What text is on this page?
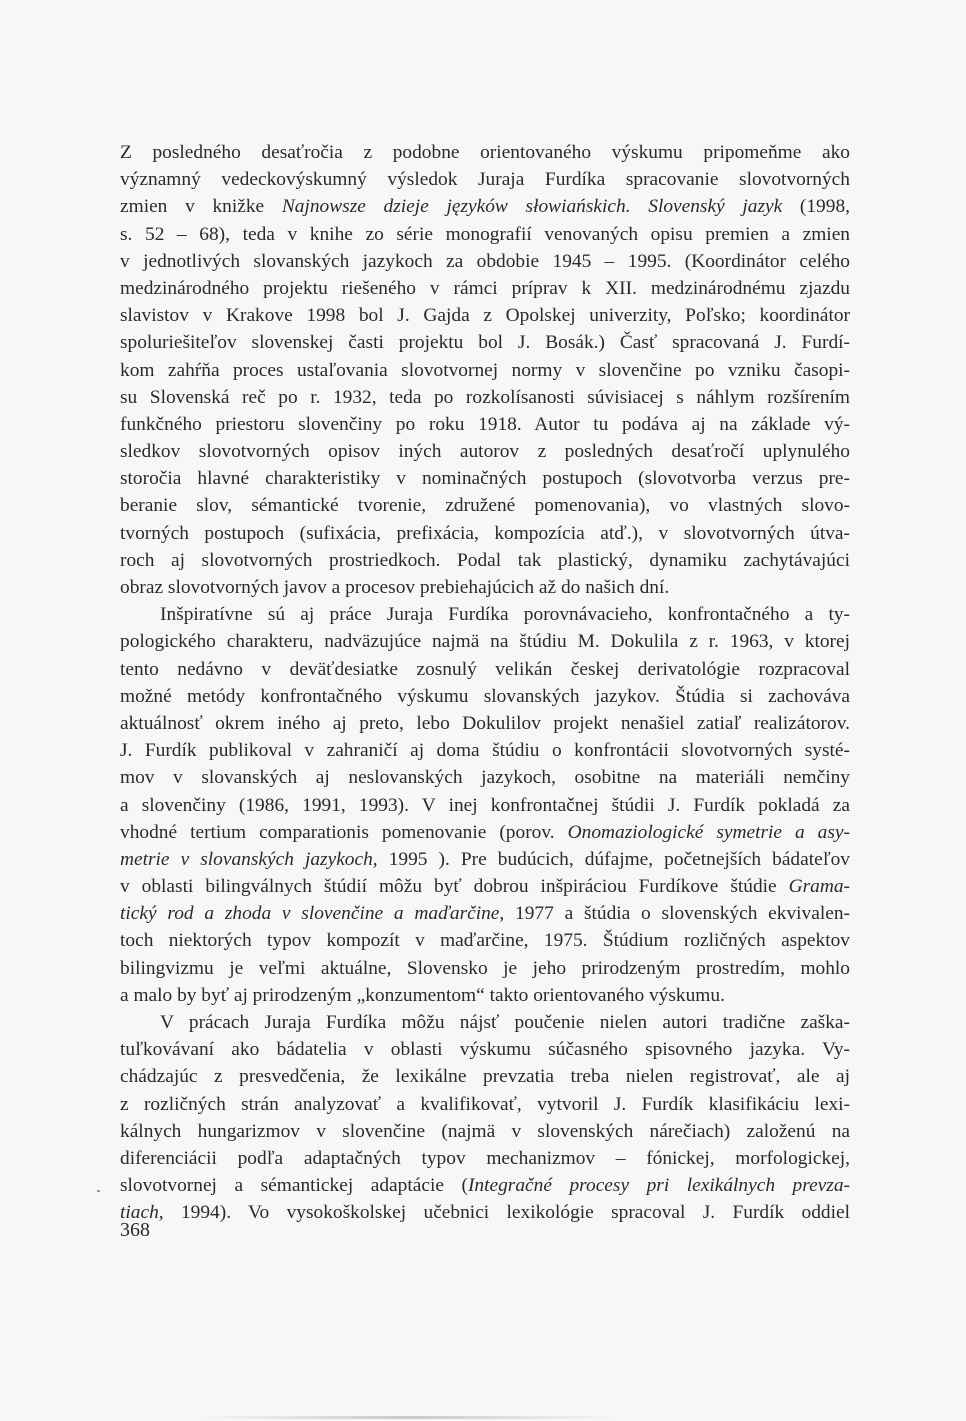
Z posledného desaťročia z podobne orientovaného výskumu pripomeňme ako
významný vedeckovýskumný výsledok Juraja Furdíka spracovanie slovotvorných
zmien v knižke Najnowsze dzieje języków słowiańskich. Slovenský jazyk (1998,
s. 52 – 68), teda v knihe zo série monografií venovaných opisu premien a zmien
v jednotlivých slovanských jazykoch za obdobie 1945 – 1995. (Koordinátor celého
medzinárodného projektu riešeného v rámci príprav k XII. medzinárodnému zjazdu
slavistov v Krakove 1998 bol J. Gajda z Opolskej univerzity, Poľsko; koordinátor
spoluriešiteľov slovenskej časti projektu bol J. Bosák.) Časť spracovaná J. Furdí-
kom zahŕňa proces ustaľovania slovotvornej normy v slovenčine po vzniku časopi-
su Slovenská reč po r. 1932, teda po rozkolísanosti súvisiacej s náhlym rozšírením
funkčného priestoru slovenčiny po roku 1918. Autor tu podáva aj na základe vý-
sledkov slovotvorných opisov iných autorov z posledných desaťročí uplynulého
storočia hlavné charakteristiky v nominačných postupoch (slovotvorba verzus pre-
beranie slov, sémantické tvorenie, združené pomenovania), vo vlastných slovo-
tvorných postupoch (sufixácia, prefixácia, kompozícia atď.), v slovotvorných útva-
roch aj slovotvorných prostriedkoch. Podal tak plastický, dynamiku zachytávajúci
obraz slovotvorných javov a procesov prebiehajúcich až do našich dní.
Inšpiratívne sú aj práce Juraja Furdíka porovnávacieho, konfrontačného a ty-
pologického charakteru, nadväzujúce najmä na štúdiu M. Dokulila z r. 1963, v ktorej
tento nedávno v deväťdesiatke zosnulý velikán českej derivatológie rozpracoval
možné metódy konfrontačného výskumu slovanských jazykov. Štúdia si zachováva
aktuálnosť okrem iného aj preto, lebo Dokulilov projekt nenašiel zatiaľ realizátorov.
J. Furdík publikoval v zahraničí aj doma štúdiu o konfrontácii slovotvorných systé-
mov v slovanských aj neslovanských jazykoch, osobitne na materiáli nemčiny
a slovenčiny (1986, 1991, 1993). V inej konfrontačnej štúdii J. Furdík pokladá za
vhodné tertium comparationis pomenovanie (porov. Onomaziologické symetrie a asy-
metrie v slovanských jazykoch, 1995 ). Pre budúcich, dúfajme, početnejších bádateľov
v oblasti bilingválnych štúdií môžu byť dobrou inšpiráciou Furdíkove štúdie Grama-
tický rod a zhoda v slovenčine a maďarčine, 1977 a štúdia o slovenských ekvivalen-
toch niektorých typov kompozít v maďarčine, 1975. Štúdium rozličných aspektov
bilingvizmu je veľmi aktuálne, Slovensko je jeho prirodzeným prostredím, mohlo
a malo by byť aj prirodzeným „konzumentom“ takto orientovaného výskumu.
V prácach Juraja Furdíka môžu nájsť poučenie nielen autori tradične zaška-
tuľkovávaní ako bádatelia v oblasti výskumu súčasného spisovného jazyka. Vy-
chádzajúc z presvedčenia, že lexikálne prevzatia treba nielen registrovať, ale aj
z rozličných strán analyzovať a kvalifikovať, vytvoril J. Furdík klasifikáciu lexi-
kálnych hungarizmov v slovenčine (najmä v slovenských nárečiach) založenú na
diferenciácii podľa adaptačných typov mechanizmov – fónickej, morfologickej,
slovotvornej a sémantickej adaptácie (Integračné procesy pri lexikálnych prevza-
tiach, 1994). Vo vysokoškolskej učebnici lexikológie spracoval J. Furdík oddiel
368
